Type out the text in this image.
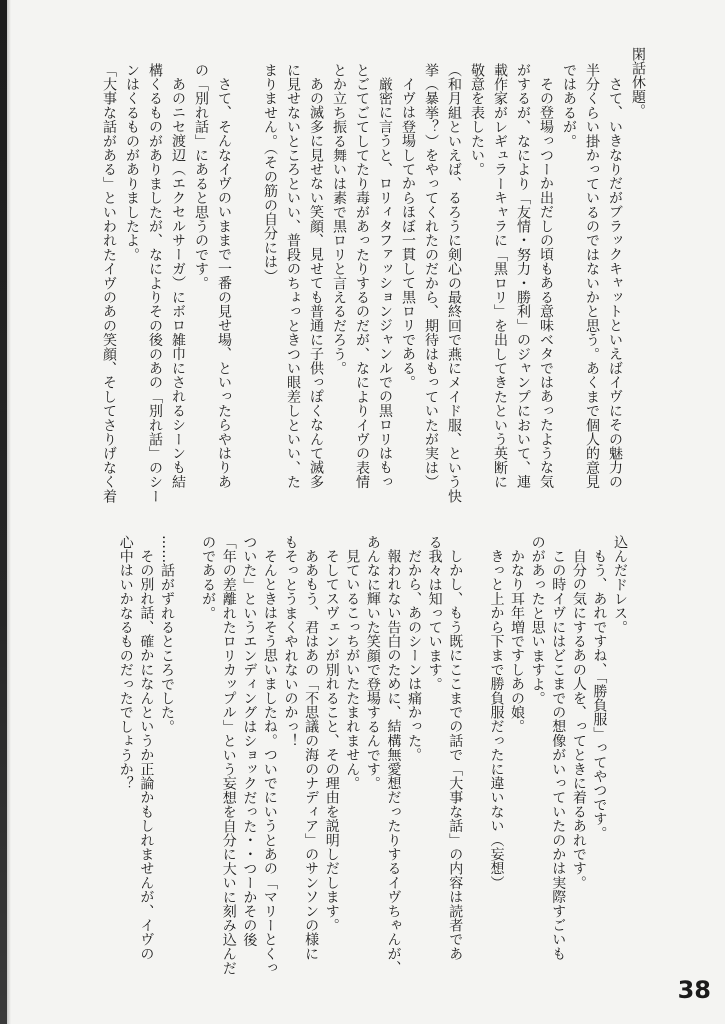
閑話休題。
さて、いきなりだがブラックキャットといえばイヴにその魅力の
半分くらい掛かっているのではないかと思う。あくまで個人的意見
ではあるが。
その登場っつーか出だしの頃もある意味ベタではあったような気
がするが、なにより「友情・努力・勝利」のジャンプにおいて、連
載作家がレギュラーキャラに「黒ロリ」を出してきたという英断に
敬意を表したい。
（和月組といえば、るろうに剣心の最終回で燕にメイド服、という快
挙（暴挙？）をやってくれたのだから、期待はもっていたが実は）
イヴは登場してからほぼ一貫して黒ロリである。
厳密に言うと、ロリィタファッションジャンルでの黒ロリはもっ
とごてごてしてたり毒があったりするのだが、なによりイヴの表情
とか立ち振る舞いは素で黒ロリと言えるだろう。
あの滅多に見せない笑顔、見せても普通に子供っぽくなんて滅多
に見せないところといい、普段のちょっときつい眼差しといい、た
まりません。（その筋の自分には）
さて、そんなイヴのいままで一番の見せ場、といったらやはりあ
の「別れ話」にあると思うのです。
あのニセ渡辺（エクセルサーガ）にボロ雑巾にされるシーンも結
構くるものがありましたが、なによりその後のあの「別れ話」のシー
ンはくるものがありましたよ。
「大事な話がある」といわれたイヴのあの笑顔、そしてさりげなく着
込んだドレス。
もう、あれですね、「勝負服」ってやつです。
自分の気にするあの人を、ってときに着るあれです。
この時イヴにはどこまでの想像がいっていたのかは実際すごいも
のがあったと思いますよ。
かなり耳年増ですしあの娘。
きっと上から下まで勝負服だったに違いない（妄想）
しかし、もう既にここまでの話で「大事な話」の内容は読者であ
る我々は知っています。
だから、あのシーンは痛かった。
報われない告白のために、結構無愛想だったりするイヴちゃんが、
あんなに輝いた笑顔で登場するんです。
見ているこっちがいたたまれません。
そしてスヴェンが別れること、その理由を説明しだします。
ああもう、君はあの「不思議の海のナディア」のサンソンの様に
もそっとうまくやれないのかっ！
そんときはそう思いましたね。ついでにいうとあの「マリーとくっ
ついた」というエンディングはショックだった・・つーかその後
「年の差離れたロリカップル」という妄想を自分に大いに刻み込んだ
のであるが。
……話がずれるところでした。
その別れ話、確かになんというか正論かもしれませんが、イヴの
心中はいかなるものだったでしょうか？
38
